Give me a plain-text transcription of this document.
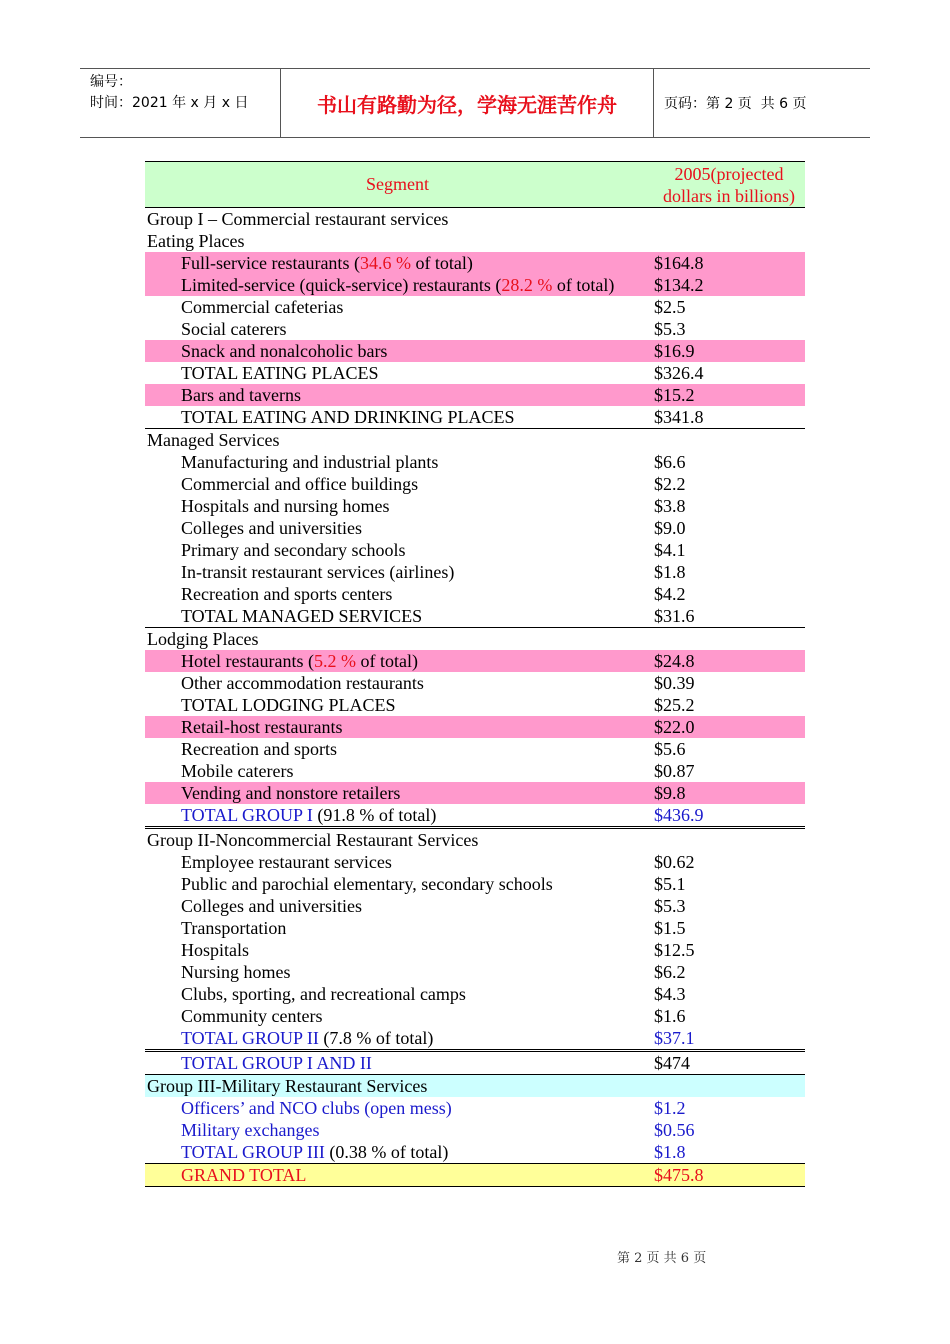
编号：
时间：2021 年 x 月 x 日	书山有路勤为径，学海无涯苦作舟	页码：第 2 页  共 6 页
Segment	2005(projected dollars in billions)
Group I – Commercial restaurant services
Eating Places
Full-service restaurants (34.6 % of total)	$164.8
Limited-service (quick-service) restaurants (28.2 % of total) $134.2
Commercial cafeterias	$2.5
Social caterers	$5.3
Snack and nonalcoholic bars	$16.9
TOTAL EATING PLACES	$326.4
Bars and taverns	$15.2
TOTAL EATING AND DRINKING PLACES	$341.8
Managed Services
Manufacturing and industrial plants	$6.6
Commercial and office buildings	$2.2
Hospitals and nursing homes	$3.8
Colleges and universities	$9.0
Primary and secondary schools	$4.1
In-transit restaurant services (airlines)	$1.8
Recreation and sports centers	$4.2
TOTAL MANAGED SERVICES	$31.6
Lodging Places
Hotel restaurants (5.2 % of total)	$24.8
Other accommodation restaurants	$0.39
TOTAL LODGING PLACES	$25.2
Retail-host restaurants	$22.0
Recreation and sports	$5.6
Mobile caterers	$0.87
Vending and nonstore retailers	$9.8
TOTAL GROUP I (91.8 % of total)	$436.9
Group II-Noncommercial Restaurant Services
Employee restaurant services	$0.62
Public and parochial elementary, secondary schools	$5.1
Colleges and universities	$5.3
Transportation	$1.5
Hospitals	$12.5
Nursing homes	$6.2
Clubs, sporting, and recreational camps	$4.3
Community centers	$1.6
TOTAL GROUP II (7.8 % of total)	$37.1
TOTAL GROUP I AND II	$474
Group III-Military Restaurant Services
Officers’ and NCO clubs (open mess)	$1.2
Military exchanges	$0.56
TOTAL GROUP III (0.38 % of total)	$1.8
GRAND TOTAL	$475.8
第 2 页 共 6 页
